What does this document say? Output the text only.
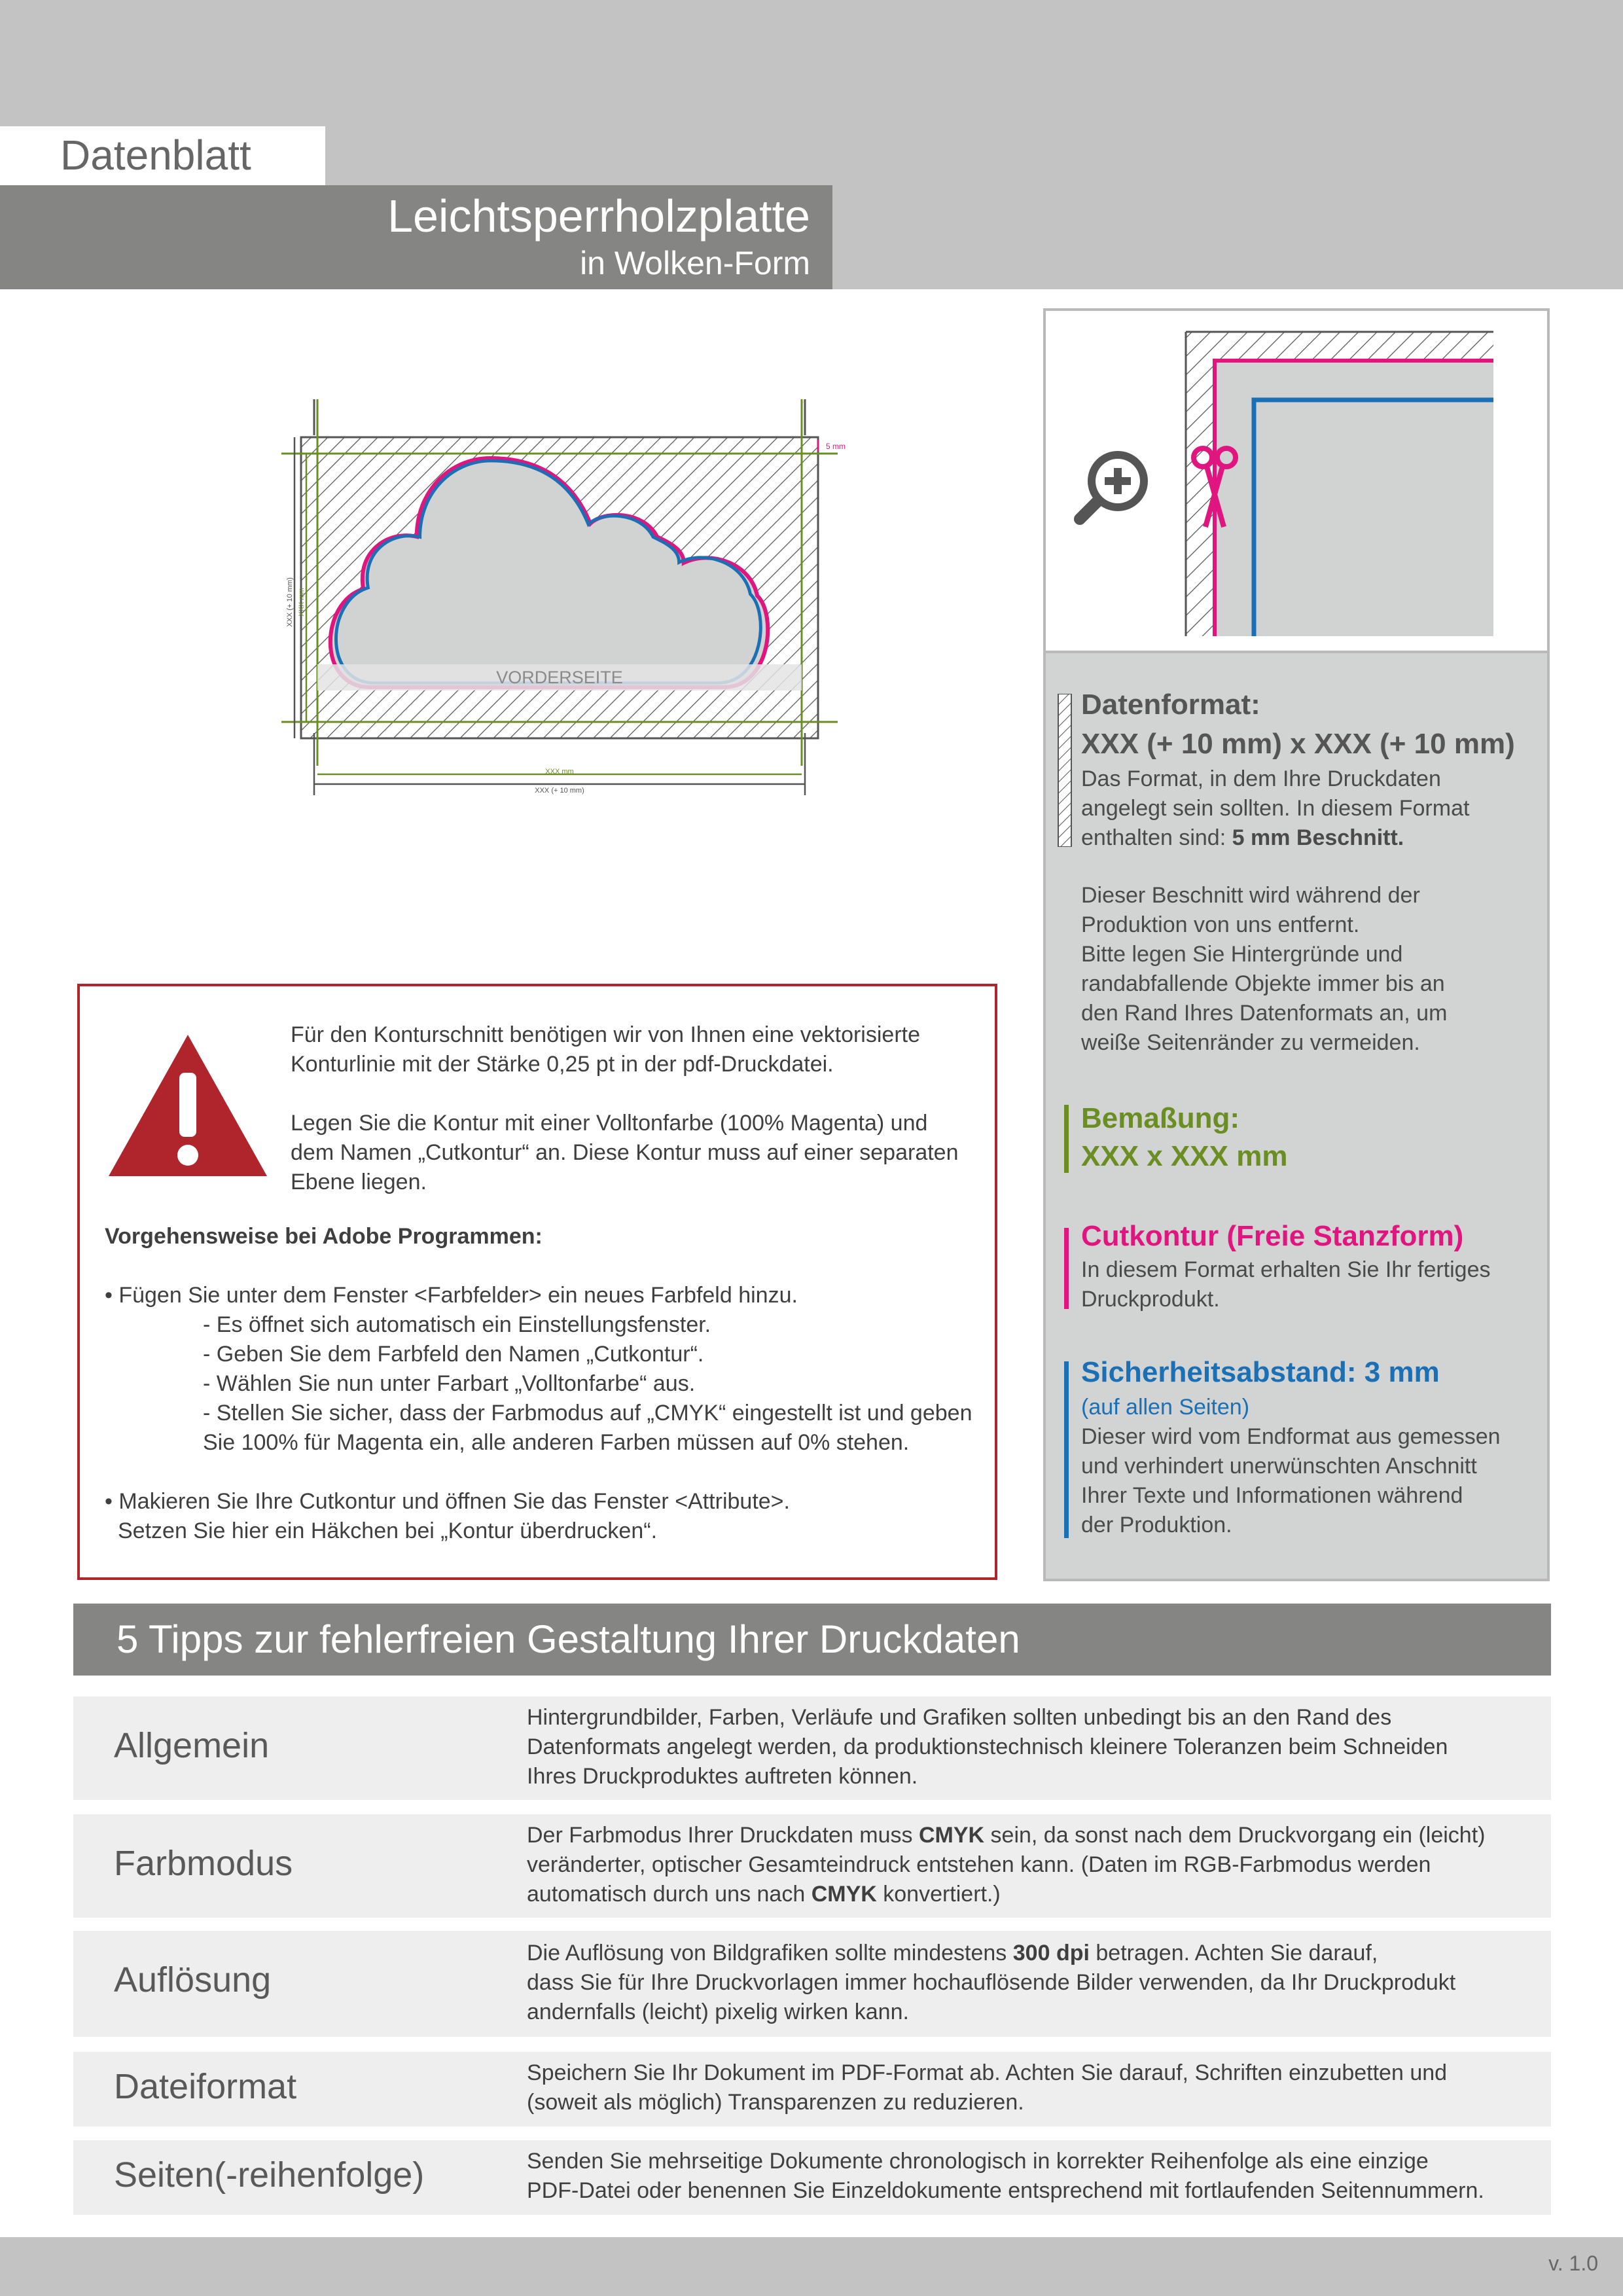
Datenblatt
Leichtsperrholzplatte
in Wolken-Form
VORDERSEITE
5 mm
XXX mm
XXX (+ 10 mm)
XXX (+ 10 mm) XXX mm
Datenformat:
XXX (+ 10 mm) x XXX (+ 10 mm)
Das Format, in dem Ihre Druckdaten
angelegt sein sollten. In diesem Format
enthalten sind: 5 mm Beschnitt.
Dieser Beschnitt wird während der
Produktion von uns entfernt.
Bitte legen Sie Hintergründe und
randabfallende Objekte immer bis an
den Rand Ihres Datenformats an, um
weiße Seitenränder zu vermeiden.
Bemaßung:
XXX x XXX mm
Cutkontur (Freie Stanzform)
In diesem Format erhalten Sie Ihr fertiges
Druckprodukt.
Sicherheitsabstand: 3 mm
(auf allen Seiten)
Dieser wird vom Endformat aus gemessen
und verhindert unerwünschten Anschnitt
Ihrer Texte und Informationen während
der Produktion.
Für den Konturschnitt benötigen wir von Ihnen eine vektorisierte
Konturlinie mit der Stärke 0,25 pt in der pdf-Druckdatei.
Legen Sie die Kontur mit einer Volltonfarbe (100% Magenta) und
dem Namen „Cutkontur“ an. Diese Kontur muss auf einer separaten
Ebene liegen.
Vorgehensweise bei Adobe Programmen:
• Fügen Sie unter dem Fenster <Farbfelder> ein neues Farbfeld hinzu.
- Es öffnet sich automatisch ein Einstellungsfenster.
- Geben Sie dem Farbfeld den Namen „Cutkontur“.
- Wählen Sie nun unter Farbart „Volltonfarbe“ aus.
- Stellen Sie sicher, dass der Farbmodus auf „CMYK“ eingestellt ist und geben
Sie 100% für Magenta ein, alle anderen Farben müssen auf 0% stehen.
• Makieren Sie Ihre Cutkontur und öffnen Sie das Fenster <Attribute>.
Setzen Sie hier ein Häkchen bei „Kontur überdrucken“.
5 Tipps zur fehlerfreien Gestaltung Ihrer Druckdaten
Allgemein
Hintergrundbilder, Farben, Verläufe und Grafiken sollten unbedingt bis an den Rand des
Datenformats angelegt werden, da produktionstechnisch kleinere Toleranzen beim Schneiden
Ihres Druckproduktes auftreten können.
Farbmodus
Der Farbmodus Ihrer Druckdaten muss CMYK sein, da sonst nach dem Druckvorgang ein (leicht)
veränderter, optischer Gesamteindruck entstehen kann. (Daten im RGB-Farbmodus werden
automatisch durch uns nach CMYK konvertiert.)
Auflösung
Die Auflösung von Bildgrafiken sollte mindestens 300 dpi betragen. Achten Sie darauf,
dass Sie für Ihre Druckvorlagen immer hochauflösende Bilder verwenden, da Ihr Druckprodukt
andernfalls (leicht) pixelig wirken kann.
Dateiformat	Speichern Sie Ihr Dokument im PDF-Format ab. Achten Sie darauf, Schriften einzubetten und
(soweit als möglich) Transparenzen zu reduzieren.
Seiten(-reihenfolge)	Senden Sie mehrseitige Dokumente chronologisch in korrekter Reihenfolge als eine einzige
PDF-Datei oder benennen Sie Einzeldokumente entsprechend mit fortlaufenden Seitennummern.
v. 1.0
